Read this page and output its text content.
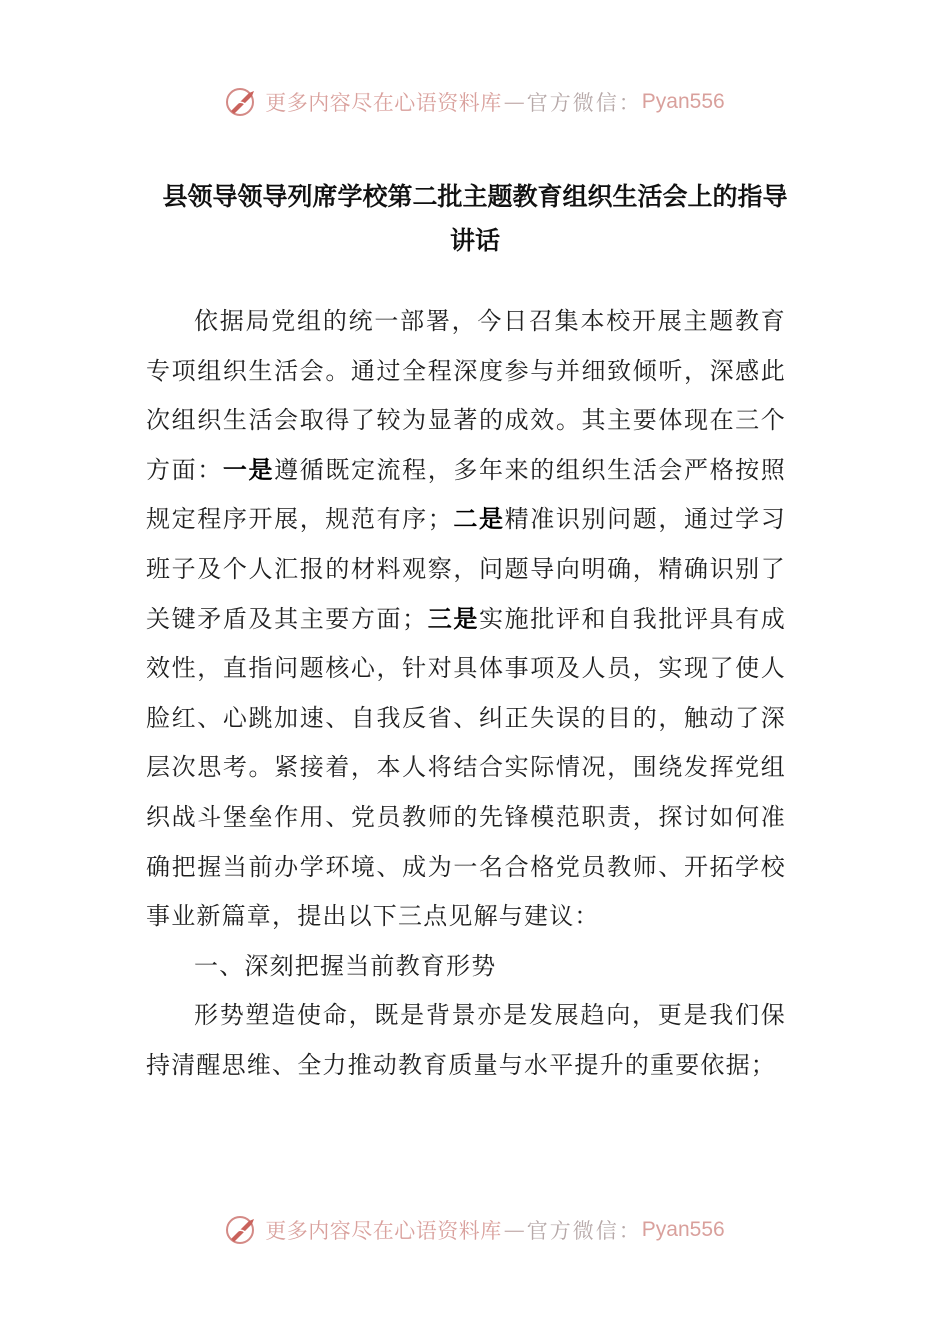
更多内容尽在心语资料库 — 官方微信： Pyan556
县领导领导列席学校第二批主题教育组织生活会上的指导
讲话

依据局党组的统一部署，今日召集本校开展主题教育专项组织生活会。通过全程深度参与并细致倾听，深感此次组织生活会取得了较为显著的成效。其主要体现在三个方面：一是遵循既定流程，多年来的组织生活会严格按照规定程序开展，规范有序；二是精准识别问题，通过学习班子及个人汇报的材料观察，问题导向明确，精确识别了关键矛盾及其主要方面；三是实施批评和自我批评具有成效性，直指问题核心，针对具体事项及人员，实现了使人脸红、心跳加速、自我反省、纠正失误的目的，触动了深层次思考。紧接着，本人将结合实际情况，围绕发挥党组织战斗堡垒作用、党员教师的先锋模范职责，探讨如何准确把握当前办学环境、成为一名合格党员教师、开拓学校事业新篇章，提出以下三点见解与建议：

一、深刻把握当前教育形势

形势塑造使命，既是背景亦是发展趋向，更是我们保持清醒思维、全力推动教育质量与水平提升的重要依据；

更多内容尽在心语资料库 — 官方微信： Pyan556
